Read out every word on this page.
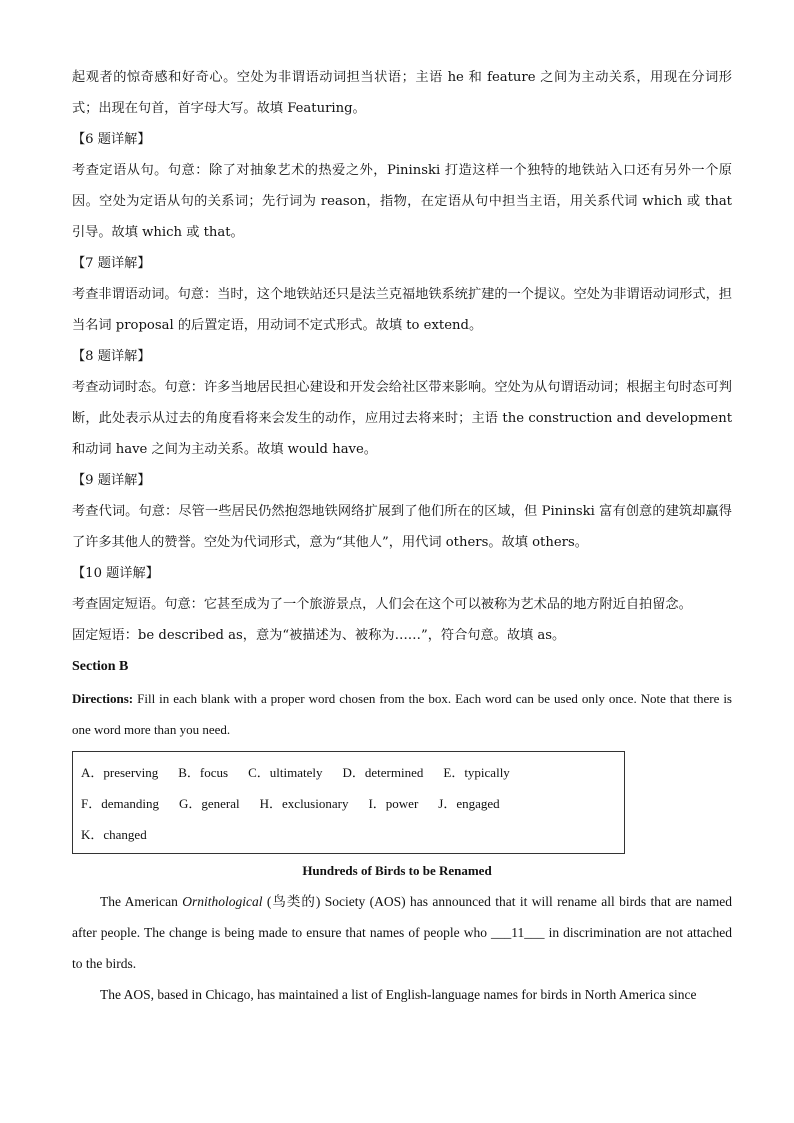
起观者的惊奇感和好奇心。空处为非谓语动词担当状语；主语 he 和 feature 之间为主动关系，用现在分词形式；出现在句首，首字母大写。故填 Featuring。

【6 题详解】

考查定语从句。句意：除了对抽象艺术的热爱之外，Pininski 打造这样一个独特的地铁站入口还有另外一个原因。空处为定语从句的关系词；先行词为 reason，指物，在定语从句中担当主语，用关系代词 which 或 that 引导。故填 which 或 that。

【7 题详解】

考查非谓语动词。句意：当时，这个地铁站还只是法兰克福地铁系统扩建的一个提议。空处为非谓语动词形式，担当名词 proposal 的后置定语，用动词不定式形式。故填 to extend。

【8 题详解】

考查动词时态。句意：许多当地居民担心建设和开发会给社区带来影响。空处为从句谓语动词；根据主句时态可判断，此处表示从过去的角度看将来会发生的动作，应用过去将来时；主语 the construction and development 和动词 have 之间为主动关系。故填 would have。

【9 题详解】

考查代词。句意：尽管一些居民仍然抱怨地铁网络扩展到了他们所在的区域，但 Pininski 富有创意的建筑却赢得了许多其他人的赞誉。空处为代词形式，意为“其他人”，用代词 others。故填 others。

【10 题详解】

考查固定短语。句意：它甚至成为了一个旅游景点，人们会在这个可以被称为艺术品的地方附近自拍留念。

固定短语：be described as，意为“被描述为、被称为……”，符合句意。故填 as。

Section B

Directions: Fill in each blank with a proper word chosen from the box. Each word can be used only once. Note that there is one word more than you need.

A．preserving B．focus C．ultimately D．determined E．typically
F．demanding G．general H．exclusionary I．power J．engaged
K．changed
Hundreds of Birds to be Renamed

The American Ornithological (鸟类的) Society (AOS) has announced that it will rename all birds that are named after people. The change is being made to ensure that names of people who ___11___ in discrimination are not attached to the birds.

The AOS, based in Chicago, has maintained a list of English-language names for birds in North America since
